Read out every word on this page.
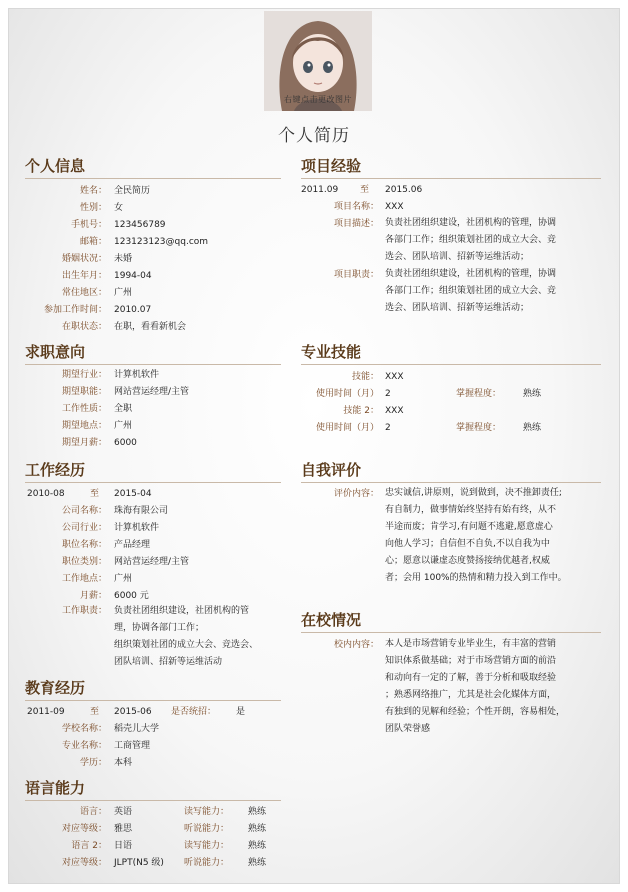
右键点击更改图片
个人简历
个人信息
姓名： 全民简历
性别： 女
手机号： 123456789
邮箱： 123123123@qq.com
婚姻状况： 未婚
出生年月： 1994-04
常住地区： 广州
参加工作时间： 2010.07
在职状态： 在职，看看新机会
求职意向
期望行业： 计算机软件
期望职能： 网站营运经理/主管
工作性质： 全职
期望地点： 广州
期望月薪： 6000
工作经历
2010-08	至 2015-04
公司名称： 珠海有限公司
公司行业： 计算机软件
职位名称： 产品经理
职位类别： 网站营运经理/主管
工作地点： 广州
月薪： 6000 元
工作职责： 负责社团组织建设，社团机构的管
理，协调各部门工作；
组织策划社团的成立大会、竞选会、
团队培训、招新等运维活动
教育经历
2011-09	至 2015-06	是否统招： 是
学校名称： 稻壳儿大学
专业名称： 工商管理
学历： 本科
语言能力
语言： 英语	读写能力： 熟练
对应等级： 雅思	听说能力： 熟练
语言 2： 日语	读写能力： 熟练
对应等级： JLPT(N5 级)	听说能力： 熟练
项目经验
2011.09	至 2015.06
项目名称： XXX
项目描述： 负责社团组织建设，社团机构的管理，协调
各部门工作；组织策划社团的成立大会、竞
选会、团队培训、招新等运维活动；
项目职责： 负责社团组织建设，社团机构的管理，协调
各部门工作；组织策划社团的成立大会、竞
选会、团队培训、招新等运维活动；
专业技能
技能： XXX
使用时间（月） 2	掌握程度： 熟练
技能 2： XXX
使用时间（月） 2	掌握程度： 熟练
自我评价
评价内容： 忠实诚信,讲原则，说到做到，决不推卸责任;
有自制力，做事情始终坚持有始有终，从不
半途而废；肯学习,有问题不逃避,愿意虚心
向他人学习；自信但不自负,不以自我为中
心；愿意以谦虚态度赞扬接纳优越者,权威
者；会用 100%的热情和精力投入到工作中。
在校情况
校内内容： 本人是市场营销专业毕业生，有丰富的营销
知识体系做基础；对于市场营销方面的前沿
和动向有一定的了解，善于分析和吸取经验
；熟悉网络推广，尤其是社会化媒体方面，
有独到的见解和经验；个性开朗，容易相处，
团队荣誉感
